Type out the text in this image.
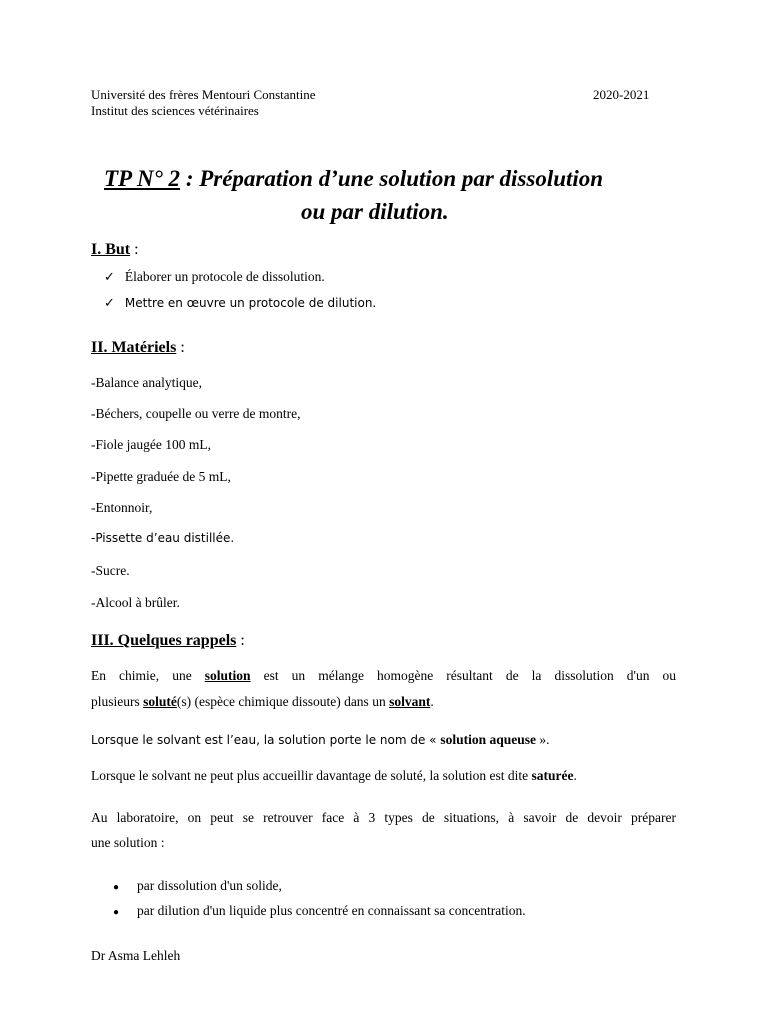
Université des frères Mentouri Constantine
Institut des sciences vétérinaires
2020-2021
TP N° 2 : Préparation d’une solution par dissolution
ou par dilution.
I. But :
✓ Élaborer un protocole de dissolution.
✓ Mettre en œuvre un protocole de dilution.
II. Matériels :
-Balance analytique,
-Béchers, coupelle ou verre de montre,
-Fiole jaugée 100 mL,
-Pipette graduée de 5 mL,
-Entonnoir,
-Pissette d’eau distillée.
-Sucre.
-Alcool à brûler.
III. Quelques rappels :
En chimie, une solution est un mélange homogène résultant de la dissolution d'un ou
plusieurs soluté(s) (espèce chimique dissoute) dans un solvant.
Lorsque le solvant est l’eau, la solution porte le nom de « solution aqueuse ».
Lorsque le solvant ne peut plus accueillir davantage de soluté, la solution est dite saturée.
Au laboratoire, on peut se retrouver face à 3 types de situations, à savoir de devoir préparer
une solution :
● par dissolution d'un solide,
● par dilution d'un liquide plus concentré en connaissant sa concentration.
Dr Asma Lehleh
